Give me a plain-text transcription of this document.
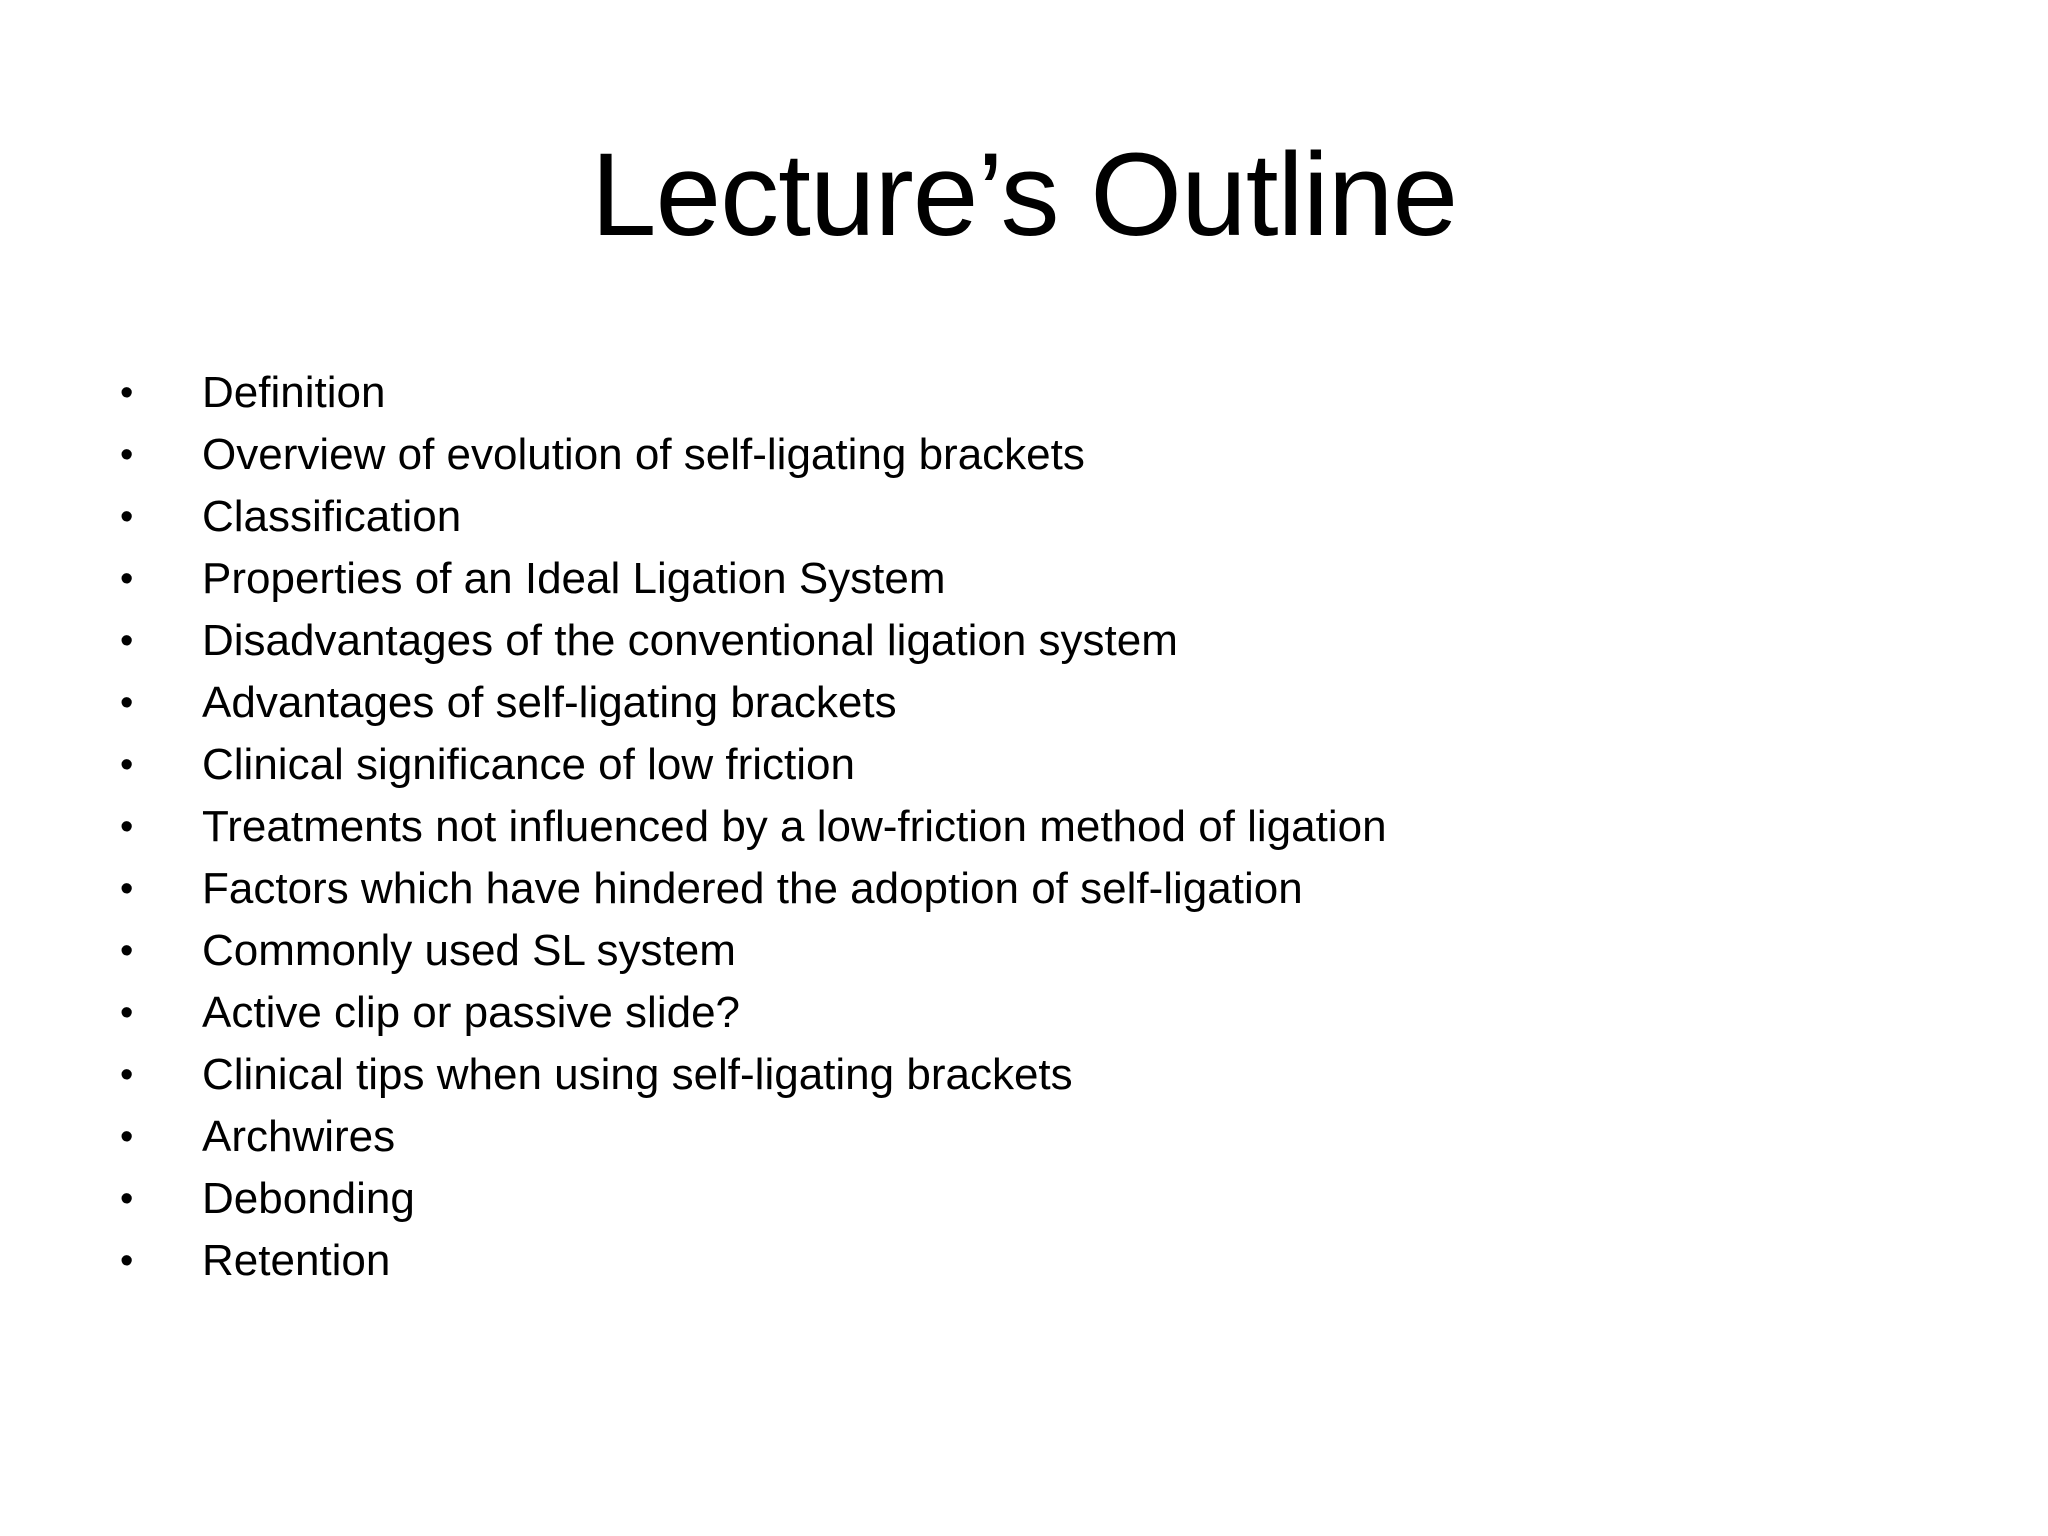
Lecture’s Outline
•	Definition
•	Overview of evolution of self-ligating brackets
•	Classification
•	Properties of an Ideal Ligation System
•	Disadvantages of the conventional ligation system
•	Advantages of self-ligating brackets
•	Clinical significance of low friction
•	Treatments not influenced by a low-friction method of ligation
•	Factors which have hindered the adoption of self-ligation
•	Commonly used SL system
•	Active clip or passive slide?
•	Clinical tips when using self-ligating brackets
•	Archwires
•	Debonding
•	Retention
